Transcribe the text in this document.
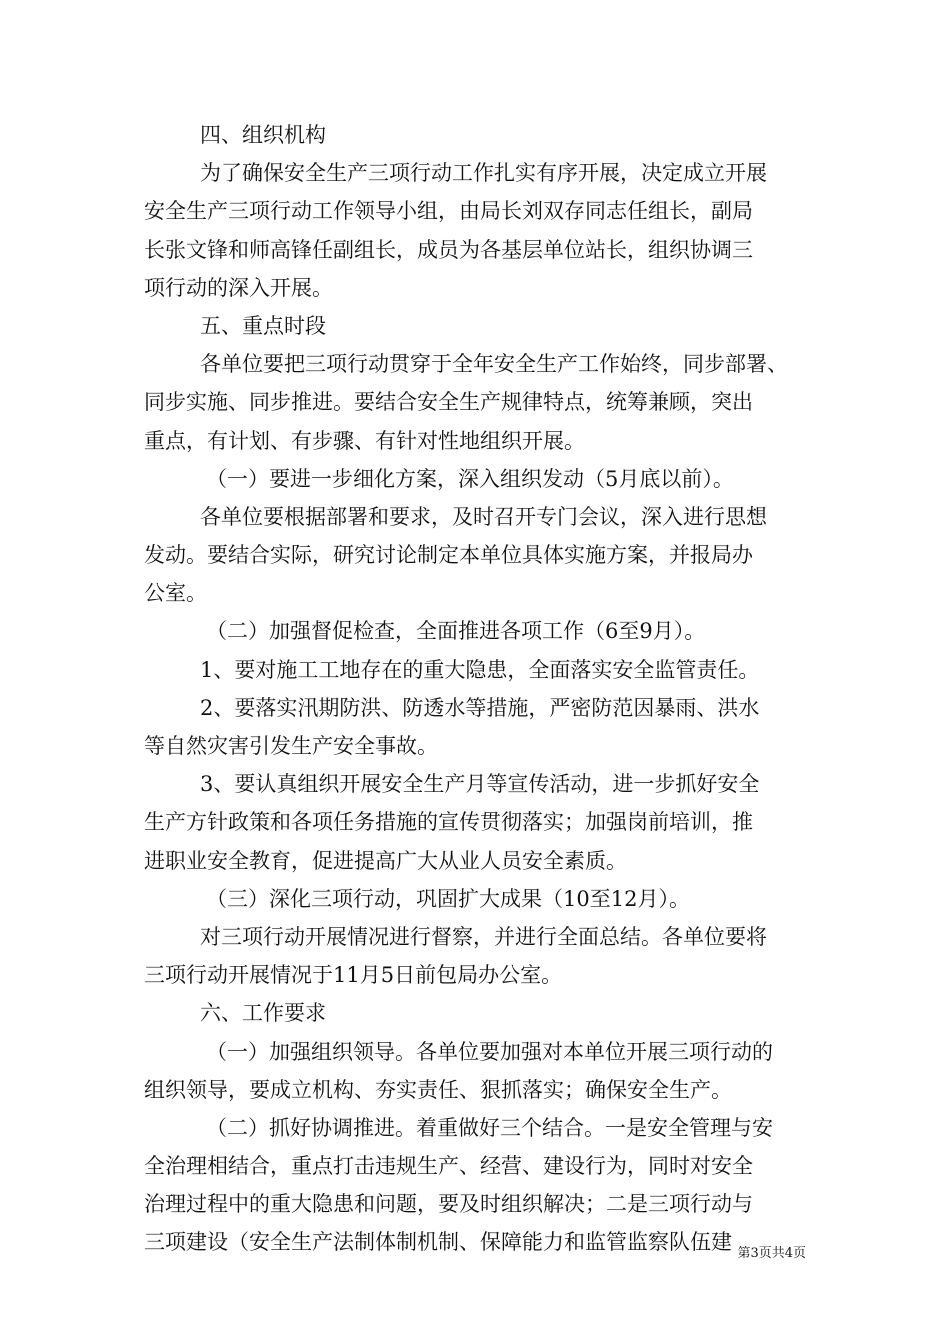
四、组织机构
为了确保安全生产三项行动工作扎实有序开展，决定成立开展
安全生产三项行动工作领导小组，由局长刘双存同志任组长，副局
长张文锋和师高锋任副组长，成员为各基层单位站长，组织协调三
项行动的深入开展。
五、重点时段
各单位要把三项行动贯穿于全年安全生产工作始终，同步部署、
同步实施、同步推进。要结合安全生产规律特点，统筹兼顾，突出
重点，有计划、有步骤、有针对性地组织开展。
（一）要进一步细化方案，深入组织发动（5月底以前）。
各单位要根据部署和要求，及时召开专门会议，深入进行思想
发动。要结合实际，研究讨论制定本单位具体实施方案，并报局办
公室。
（二）加强督促检查，全面推进各项工作（6至9月）。
1、要对施工工地存在的重大隐患，全面落实安全监管责任。
2、要落实汛期防洪、防透水等措施，严密防范因暴雨、洪水
等自然灾害引发生产安全事故。
3、要认真组织开展安全生产月等宣传活动，进一步抓好安全
生产方针政策和各项任务措施的宣传贯彻落实；加强岗前培训，推
进职业安全教育，促进提高广大从业人员安全素质。
（三）深化三项行动，巩固扩大成果（10至12月）。
对三项行动开展情况进行督察，并进行全面总结。各单位要将
三项行动开展情况于11月5日前包局办公室。
六、工作要求
（一）加强组织领导。各单位要加强对本单位开展三项行动的
组织领导，要成立机构、夯实责任、狠抓落实；确保安全生产。
（二）抓好协调推进。着重做好三个结合。一是安全管理与安
全治理相结合，重点打击违规生产、经营、建设行为，同时对安全
治理过程中的重大隐患和问题，要及时组织解决；二是三项行动与
三项建设（安全生产法制体制机制、保障能力和监管监察队伍建 第3页共4页
